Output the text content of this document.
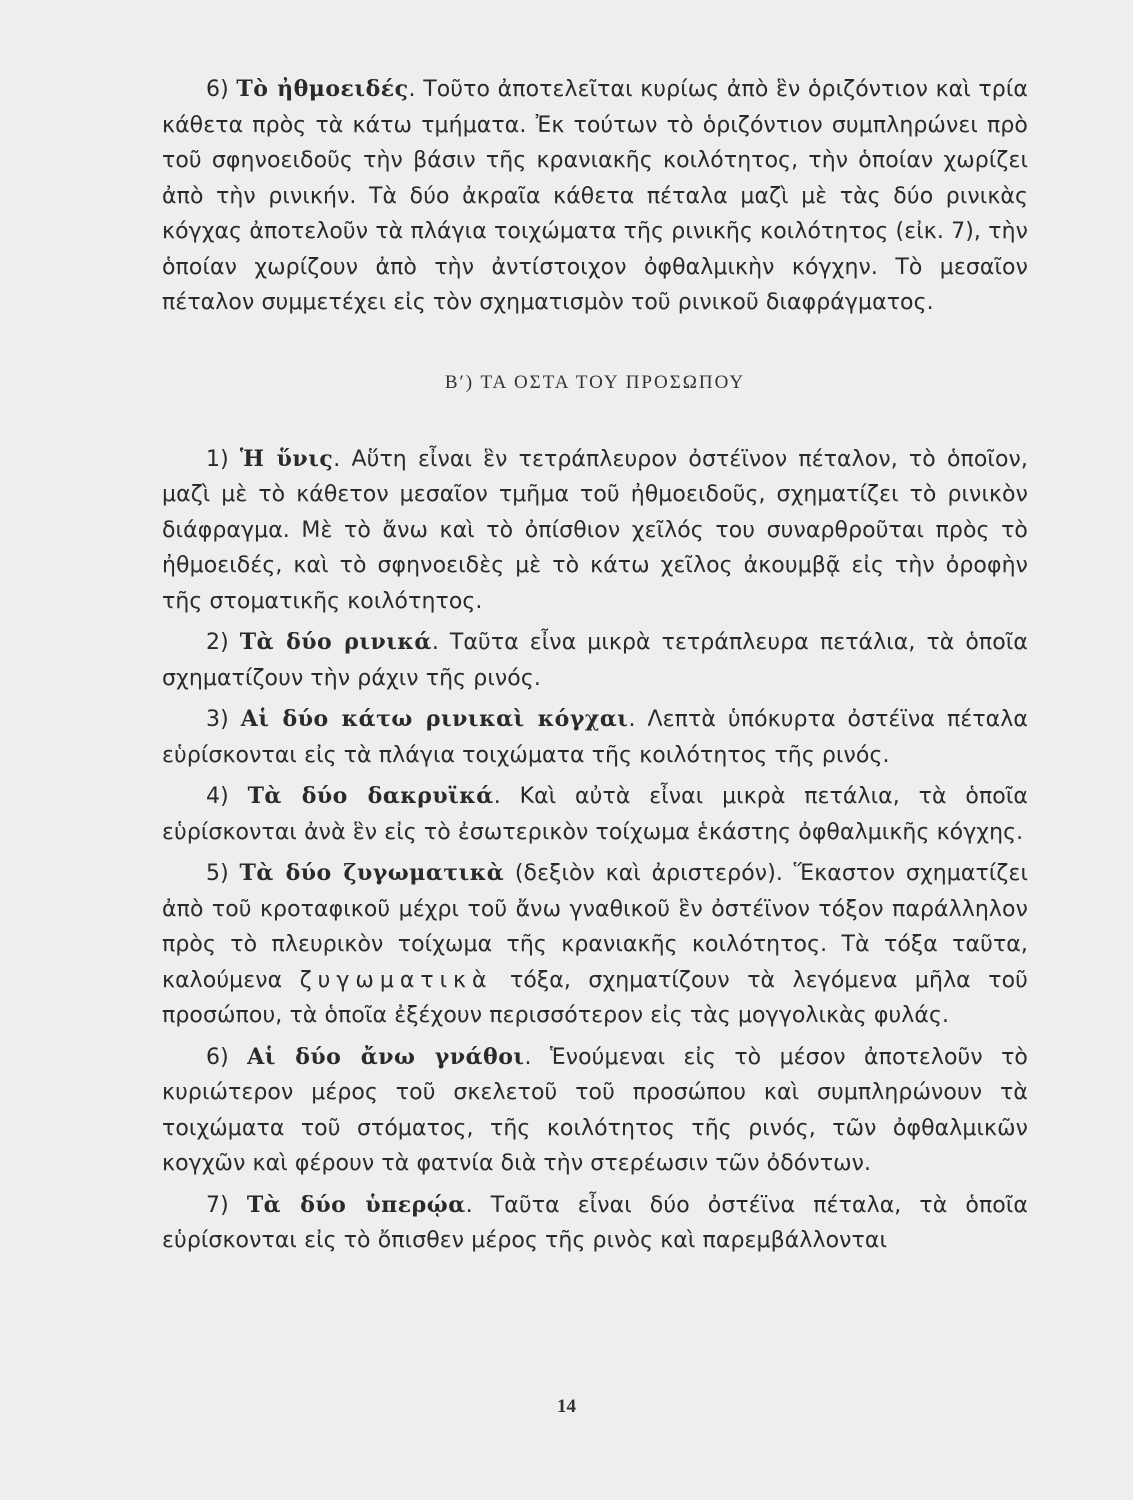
6) Τὸ ἠθμοειδές. Τοῦτο ἀποτελεῖται κυρίως ἀπὸ ἓν ὁριζόντιον καὶ τρία κάθετα πρὸς τὰ κάτω τμήματα. Ἐκ τούτων τὸ ὁριζόντιον συμπληρώνει πρὸ τοῦ σφηνοειδοῦς τὴν βάσιν τῆς κρανιακῆς κοιλότητος, τὴν ὁποίαν χωρίζει ἀπὸ τὴν ρινικήν. Τὰ δύο ἀκραῖα κάθετα πέταλα μαζὶ μὲ τὰς δύο ρινικὰς κόγχας ἀποτελοῦν τὰ πλάγια τοιχώματα τῆς ρινικῆς κοιλότητος (εἰκ. 7), τὴν ὁποίαν χωρίζουν ἀπὸ τὴν ἀντίστοιχον ὀφθαλμικὴν κόγχην. Τὸ μεσαῖον πέταλον συμμετέχει εἰς τὸν σχηματισμὸν τοῦ ρινικοῦ διαφράγματος.

Β′) ΤΑ ΟΣΤΑ ΤΟΥ ΠΡΟΣΩΠΟΥ

1) Ἡ ὕνις. Αὕτη εἶναι ἓν τετράπλευρον ὀστέϊνον πέταλον, τὸ ὁποῖον, μαζὶ μὲ τὸ κάθετον μεσαῖον τμῆμα τοῦ ἠθμοειδοῦς, σχηματίζει τὸ ρινικὸν διάφραγμα. Μὲ τὸ ἄνω καὶ τὸ ὀπίσθιον χεῖλός του συναρθροῦται πρὸς τὸ ἠθμοειδές, καὶ τὸ σφηνοειδὲς μὲ τὸ κάτω χεῖλος ἀκουμβᾷ εἰς τὴν ὀροφὴν τῆς στοματικῆς κοιλότητος.

2) Τὰ δύο ρινικά. Ταῦτα εἶνα μικρὰ τετράπλευρα πετάλια, τὰ ὁποῖα σχηματίζουν τὴν ράχιν τῆς ρινός.

3) Αἱ δύο κάτω ρινικαὶ κόγχαι. Λεπτὰ ὑπόκυρτα ὀστέϊνα πέταλα εὑρίσκονται εἰς τὰ πλάγια τοιχώματα τῆς κοιλότητος τῆς ρινός.

4) Τὰ δύο δακρυϊκά. Καὶ αὐτὰ εἶναι μικρὰ πετάλια, τὰ ὁποῖα εὑρίσκονται ἀνὰ ἓν εἰς τὸ ἐσωτερικὸν τοίχωμα ἑκάστης ὀφθαλμικῆς κόγχης.

5) Τὰ δύο ζυγωματικὰ (δεξιὸν καὶ ἀριστερόν). Ἕκαστον σχηματίζει ἀπὸ τοῦ κροταφικοῦ μέχρι τοῦ ἄνω γναθικοῦ ἓν ὀστέϊνον τόξον παράλληλον πρὸς τὸ πλευρικὸν τοίχωμα τῆς κρανιακῆς κοιλότητος. Τὰ τόξα ταῦτα, καλούμενα ζυγωματικὰ τόξα, σχηματίζουν τὰ λεγόμενα μῆλα τοῦ προσώπου, τὰ ὁποῖα ἐξέχουν περισσότερον εἰς τὰς μογγολικὰς φυλάς.

6) Αἱ δύο ἄνω γνάθοι. Ἑνούμεναι εἰς τὸ μέσον ἀποτελοῦν τὸ κυριώτερον μέρος τοῦ σκελετοῦ τοῦ προσώπου καὶ συμπληρώνουν τὰ τοιχώματα τοῦ στόματος, τῆς κοιλότητος τῆς ρινός, τῶν ὀφθαλμικῶν κογχῶν καὶ φέρουν τὰ φατνία διὰ τὴν στερέωσιν τῶν ὀδόντων.

7) Τὰ δύο ὑπερῴα. Ταῦτα εἶναι δύο ὀστέϊνα πέταλα, τὰ ὁποῖα εὑρίσκονται εἰς τὸ ὄπισθεν μέρος τῆς ρινὸς καὶ παρεμβάλλονται

14
